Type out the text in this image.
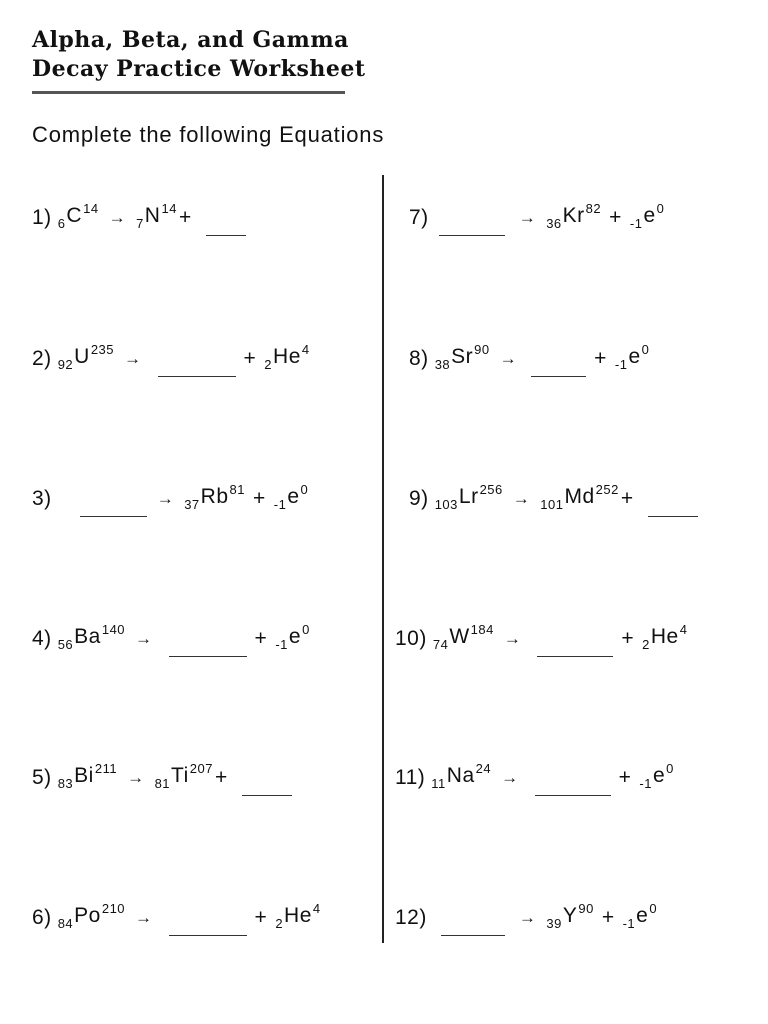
Alpha, Beta, and Gamma
Decay Practice Worksheet
Complete the following Equations
1) 6 C 14 → 7 N 14 +
2) 92 U 235 →	+ 2 He 4
3)	→ 37 Rb 81 + -1 e 0
4) 56 Ba 140 →	+ -1 e 0
5) 83 Bi 211 → 81 Ti 207 +
6) 84 Po 210 →	+ 2 He 4
7)	→ 36 Kr 82 + -1 e 0
8) 38 Sr 90 →	+ -1 e 0
9) 103 Lr 256 → 101 Md 252 +
10) 74 W 184 →	+ 2 He 4
11) 11 Na 24 →	+ -1 e 0
12)	→ 39 Y 90 + -1 e 0
